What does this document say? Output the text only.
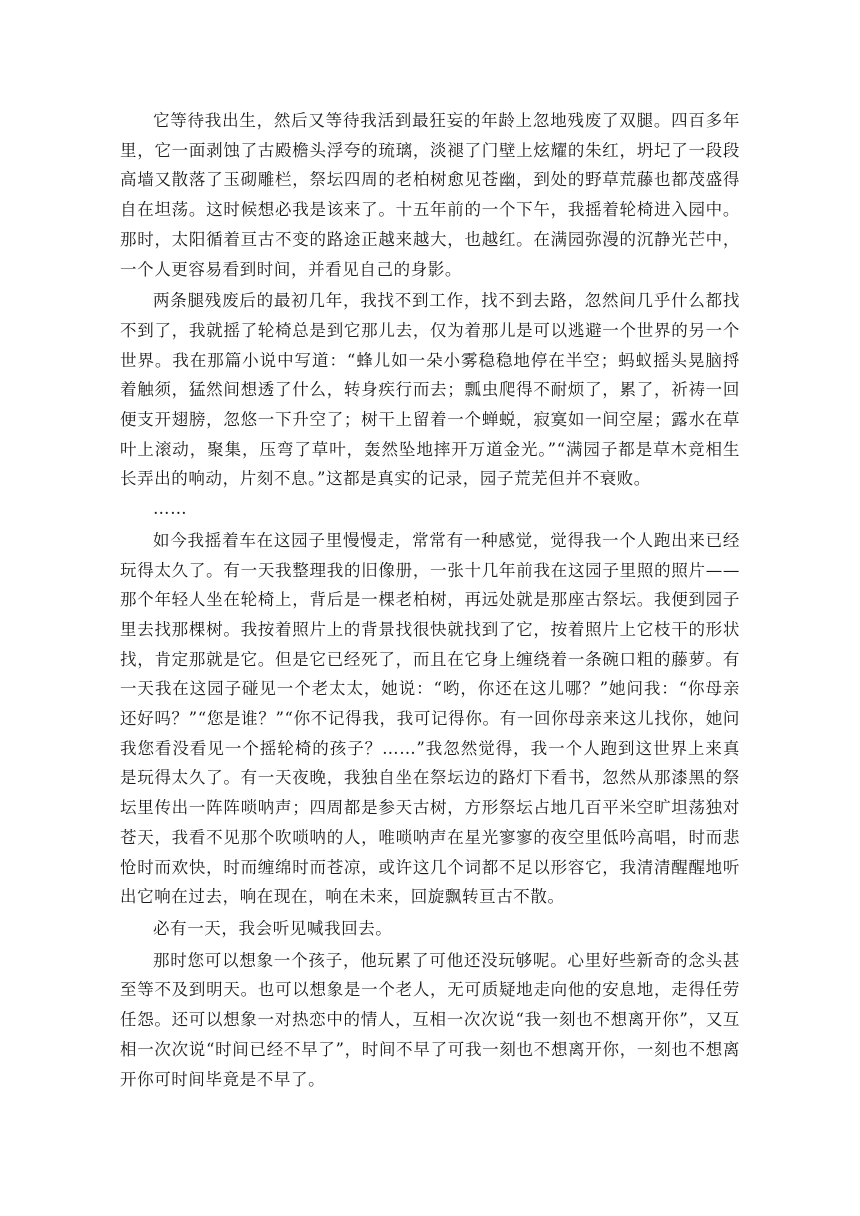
它等待我出生，然后又等待我活到最狂妄的年龄上忽地残废了双腿。四百多年里，它一面剥蚀了古殿檐头浮夸的琉璃，淡褪了门壁上炫耀的朱红，坍圮了一段段高墙又散落了玉砌雕栏，祭坛四周的老柏树愈见苍幽，到处的野草荒藤也都茂盛得自在坦荡。这时候想必我是该来了。十五年前的一个下午，我摇着轮椅进入园中。那时，太阳循着亘古不变的路途正越来越大，也越红。在满园弥漫的沉静光芒中，一个人更容易看到时间，并看见自己的身影。

两条腿残废后的最初几年，我找不到工作，找不到去路，忽然间几乎什么都找不到了，我就摇了轮椅总是到它那儿去，仅为着那儿是可以逃避一个世界的另一个世界。我在那篇小说中写道：“蜂儿如一朵小雾稳稳地停在半空；蚂蚁摇头晃脑捋着触须，猛然间想透了什么，转身疾行而去；瓢虫爬得不耐烦了，累了，祈祷一回便支开翅膀，忽悠一下升空了；树干上留着一个蝉蜕，寂寞如一间空屋；露水在草叶上滚动，聚集，压弯了草叶，轰然坠地摔开万道金光。”“满园子都是草木竞相生长弄出的响动，片刻不息。”这都是真实的记录，园子荒芜但并不衰败。

……

如今我摇着车在这园子里慢慢走，常常有一种感觉，觉得我一个人跑出来已经玩得太久了。有一天我整理我的旧像册，一张十几年前我在这园子里照的照片——那个年轻人坐在轮椅上，背后是一棵老柏树，再远处就是那座古祭坛。我便到园子里去找那棵树。我按着照片上的背景找很快就找到了它，按着照片上它枝干的形状找，肯定那就是它。但是它已经死了，而且在它身上缠绕着一条碗口粗的藤萝。有一天我在这园子碰见一个老太太，她说：“哟，你还在这儿哪？”她问我：“你母亲还好吗？”“您是谁？”“你不记得我，我可记得你。有一回你母亲来这儿找你，她问我您看没看见一个摇轮椅的孩子？……”我忽然觉得，我一个人跑到这世界上来真是玩得太久了。有一天夜晚，我独自坐在祭坛边的路灯下看书，忽然从那漆黑的祭坛里传出一阵阵唢呐声；四周都是参天古树，方形祭坛占地几百平米空旷坦荡独对苍天，我看不见那个吹唢呐的人，唯唢呐声在星光寥寥的夜空里低吟高唱，时而悲怆时而欢快，时而缠绵时而苍凉，或许这几个词都不足以形容它，我清清醒醒地听出它响在过去，响在现在，响在未来，回旋飘转亘古不散。

必有一天，我会听见喊我回去。

那时您可以想象一个孩子，他玩累了可他还没玩够呢。心里好些新奇的念头甚至等不及到明天。也可以想象是一个老人，无可质疑地走向他的安息地，走得任劳任怨。还可以想象一对热恋中的情人，互相一次次说“我一刻也不想离开你”，又互相一次次说“时间已经不早了”，时间不早了可我一刻也不想离开你，一刻也不想离开你可时间毕竟是不早了。
